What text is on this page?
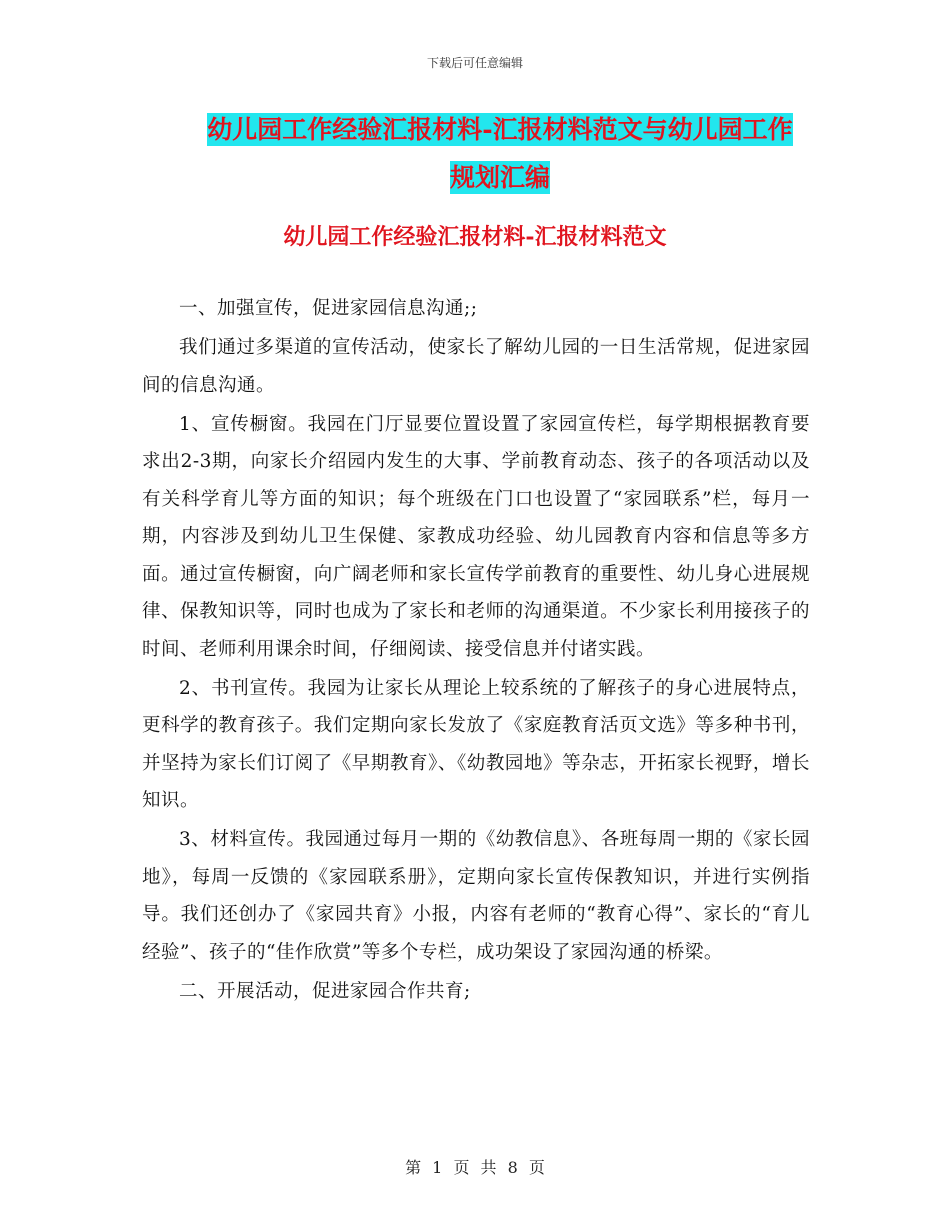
下载后可任意编辑
幼儿园工作经验汇报材料-汇报材料范文与幼儿园工作
规划汇编
幼儿园工作经验汇报材料-汇报材料范文

一、加强宣传，促进家园信息沟通;;

我们通过多渠道的宣传活动，使家长了解幼儿园的一日生活常规，促进家园间的信息沟通。

1、宣传橱窗。我园在门厅显要位置设置了家园宣传栏，每学期根据教育要求出2-3期，向家长介绍园内发生的大事、学前教育动态、孩子的各项活动以及有关科学育儿等方面的知识；每个班级在门口也设置了“家园联系”栏，每月一期，内容涉及到幼儿卫生保健、家教成功经验、幼儿园教育内容和信息等多方面。通过宣传橱窗，向广阔老师和家长宣传学前教育的重要性、幼儿身心进展规律、保教知识等，同时也成为了家长和老师的沟通渠道。不少家长利用接孩子的时间、老师利用课余时间，仔细阅读、接受信息并付诸实践。

2、书刊宣传。我园为让家长从理论上较系统的了解孩子的身心进展特点，更科学的教育孩子。我们定期向家长发放了《家庭教育活页文选》等多种书刊，并坚持为家长们订阅了《早期教育》、《幼教园地》等杂志，开拓家长视野，增长知识。

3、材料宣传。我园通过每月一期的《幼教信息》、各班每周一期的《家长园地》，每周一反馈的《家园联系册》，定期向家长宣传保教知识，并进行实例指导。我们还创办了《家园共育》小报，内容有老师的“教育心得”、家长的“育儿经验”、孩子的“佳作欣赏”等多个专栏，成功架设了家园沟通的桥梁。

二、开展活动，促进家园合作共育;

第 1 页 共 8 页
